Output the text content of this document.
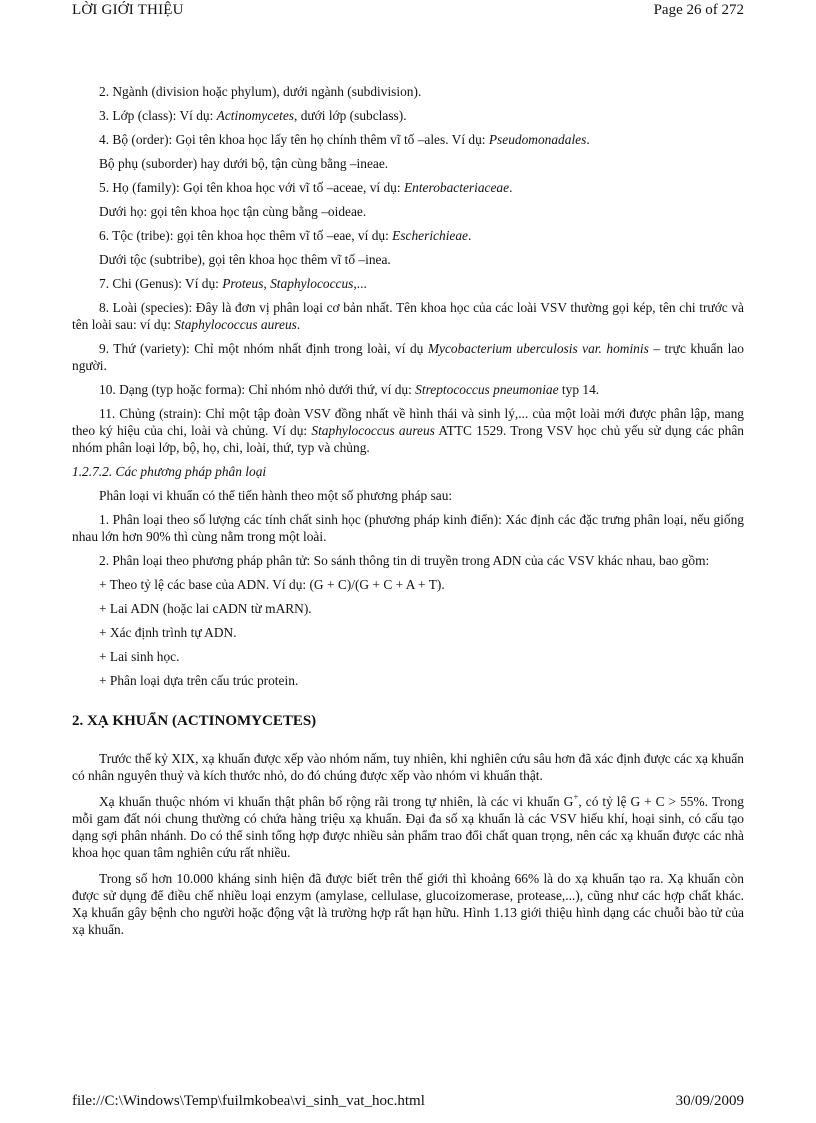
LỜI GIỚI THIỆU	Page 26 of 272

2. Ngành (division hoặc phylum), dưới ngành (subdivision).

3. Lớp (class): Ví dụ: Actinomycetes, dưới lớp (subclass).

4. Bộ (order): Gọi tên khoa học lấy tên họ chính thêm vĩ tố –ales. Ví dụ: Pseudomonadales.

Bộ phụ (suborder) hay dưới bộ, tận cùng bằng –ineae.

5. Họ (family): Gọi tên khoa học với vĩ tố –aceae, ví dụ: Enterobacteriaceae.

Dưới họ: gọi tên khoa học tận cùng bằng –oideae.

6. Tộc (tribe): gọi tên khoa học thêm vĩ tố –eae, ví dụ: Escherichieae.

Dưới tộc (subtribe), gọi tên khoa học thêm vĩ tố –inea.

7. Chi (Genus): Ví dụ: Proteus, Staphylococcus,...

8. Loài (species): Đây là đơn vị phân loại cơ bản nhất. Tên khoa học của các loài VSV thường gọi kép, tên chi trước và tên loài sau: ví dụ: Staphylococcus aureus.

9. Thứ (variety): Chỉ một nhóm nhất định trong loài, ví dụ Mycobacterium uberculosis var. hominis – trực khuẩn lao người.

10. Dạng (typ hoặc forma): Chỉ nhóm nhỏ dưới thứ, ví dụ: Streptococcus pneumoniae typ 14.

11. Chủng (strain): Chỉ một tập đoàn VSV đồng nhất về hình thái và sinh lý,... của một loài mới được phân lập, mang theo ký hiệu của chi, loài và chủng. Ví dụ: Staphylococcus aureus ATTC 1529. Trong VSV học chủ yếu sử dụng các phân nhóm phân loại lớp, bộ, họ, chi, loài, thứ, typ và chủng.

1.2.7.2. Các phương pháp phân loại

Phân loại vi khuẩn có thể tiến hành theo một số phương pháp sau:

1. Phân loại theo số lượng các tính chất sinh học (phương pháp kinh điển): Xác định các đặc trưng phân loại, nếu giống nhau lớn hơn 90% thì cùng nằm trong một loài.

2. Phân loại theo phương pháp phân tử: So sánh thông tin di truyền trong ADN của các VSV khác nhau, bao gồm:

+ Theo tỷ lệ các base của ADN. Ví dụ: (G + C)/(G + C + A + T).

+ Lai ADN (hoặc lai cADN từ mARN).

+ Xác định trình tự ADN.

+ Lai sinh học.

+ Phân loại dựa trên cấu trúc protein.

2. XẠ KHUẨN (ACTINOMYCETES)

Trước thế kỷ XIX, xạ khuẩn được xếp vào nhóm nấm, tuy nhiên, khi nghiên cứu sâu hơn đã xác định được các xạ khuẩn có nhân nguyên thuỷ và kích thước nhỏ, do đó chúng được xếp vào nhóm vi khuẩn thật.

Xạ khuẩn thuộc nhóm vi khuẩn thật phân bố rộng rãi trong tự nhiên, là các vi khuẩn G+, có tỷ lệ G + C > 55%. Trong mỗi gam đất nói chung thường có chứa hàng triệu xạ khuẩn. Đại đa số xạ khuẩn là các VSV hiếu khí, hoại sinh, có cấu tạo dạng sợi phân nhánh. Do có thể sinh tổng hợp được nhiều sản phẩm trao đổi chất quan trọng, nên các xạ khuẩn được các nhà khoa học quan tâm nghiên cứu rất nhiều.

Trong số hơn 10.000 kháng sinh hiện đã được biết trên thế giới thì khoảng 66% là do xạ khuẩn tạo ra. Xạ khuẩn còn được sử dụng để điều chế nhiều loại enzym (amylase, cellulase, glucoizomerase, protease,...), cũng như các hợp chất khác. Xạ khuẩn gây bệnh cho người hoặc động vật là trường hợp rất hạn hữu. Hình 1.13 giới thiệu hình dạng các chuỗi bào tử của xạ khuẩn.

file://C:\Windows\Temp\fuilmkobea\vi_sinh_vat_hoc.html	30/09/2009
